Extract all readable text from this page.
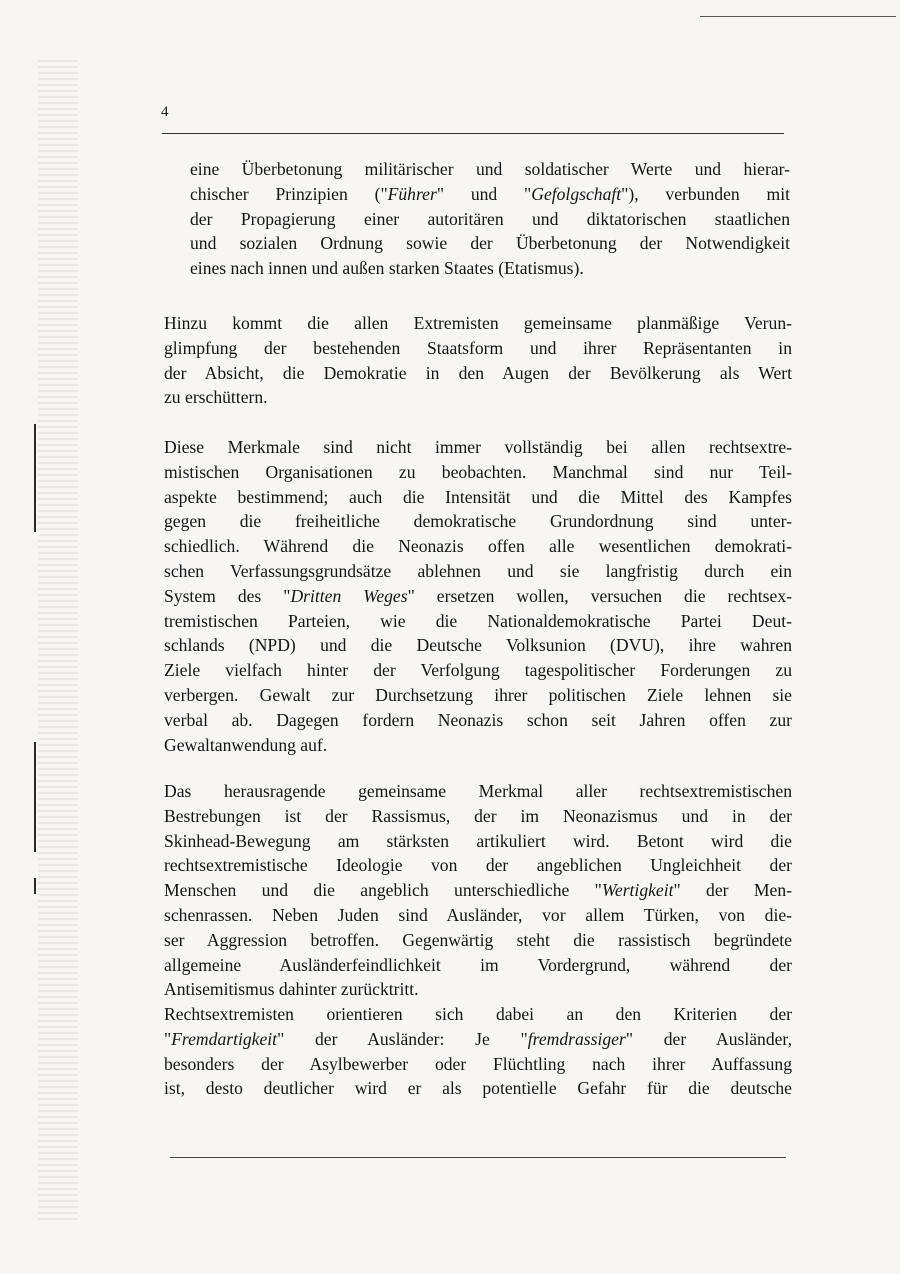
4
eine Überbetonung militärischer und soldatischer Werte und hierar-
chischer Prinzipien ("Führer" und "Gefolgschaft"), verbunden mit
der Propagierung einer autoritären und diktatorischen staatlichen
und sozialen Ordnung sowie der Überbetonung der Notwendigkeit
eines nach innen und außen starken Staates (Etatismus).
Hinzu kommt die allen Extremisten gemeinsame planmäßige Verun-
glimpfung der bestehenden Staatsform und ihrer Repräsentanten in
der Absicht, die Demokratie in den Augen der Bevölkerung als Wert
zu erschüttern.
Diese Merkmale sind nicht immer vollständig bei allen rechtsextre-
mistischen Organisationen zu beobachten. Manchmal sind nur Teil-
aspekte bestimmend; auch die Intensität und die Mittel des Kampfes
gegen die freiheitliche demokratische Grundordnung sind unter-
schiedlich. Während die Neonazis offen alle wesentlichen demokrati-
schen Verfassungsgrundsätze ablehnen und sie langfristig durch ein
System des "Dritten Weges" ersetzen wollen, versuchen die rechtsex-
tremistischen Parteien, wie die Nationaldemokratische Partei Deut-
schlands (NPD) und die Deutsche Volksunion (DVU), ihre wahren
Ziele vielfach hinter der Verfolgung tagespolitischer Forderungen zu
verbergen. Gewalt zur Durchsetzung ihrer politischen Ziele lehnen sie
verbal ab. Dagegen fordern Neonazis schon seit Jahren offen zur
Gewaltanwendung auf.
Das herausragende gemeinsame Merkmal aller rechtsextremistischen
Bestrebungen ist der Rassismus, der im Neonazismus und in der
Skinhead-Bewegung am stärksten artikuliert wird. Betont wird die
rechtsextremistische Ideologie von der angeblichen Ungleichheit der
Menschen und die angeblich unterschiedliche "Wertigkeit" der Men-
schenrassen. Neben Juden sind Ausländer, vor allem Türken, von die-
ser Aggression betroffen. Gegenwärtig steht die rassistisch begründete
allgemeine Ausländerfeindlichkeit im Vordergrund, während der
Antisemitismus dahinter zurücktritt.
Rechtsextremisten orientieren sich dabei an den Kriterien der
"Fremdartigkeit" der Ausländer: Je "fremdrassiger" der Ausländer,
besonders der Asylbewerber oder Flüchtling nach ihrer Auffassung
ist, desto deutlicher wird er als potentielle Gefahr für die deutsche
